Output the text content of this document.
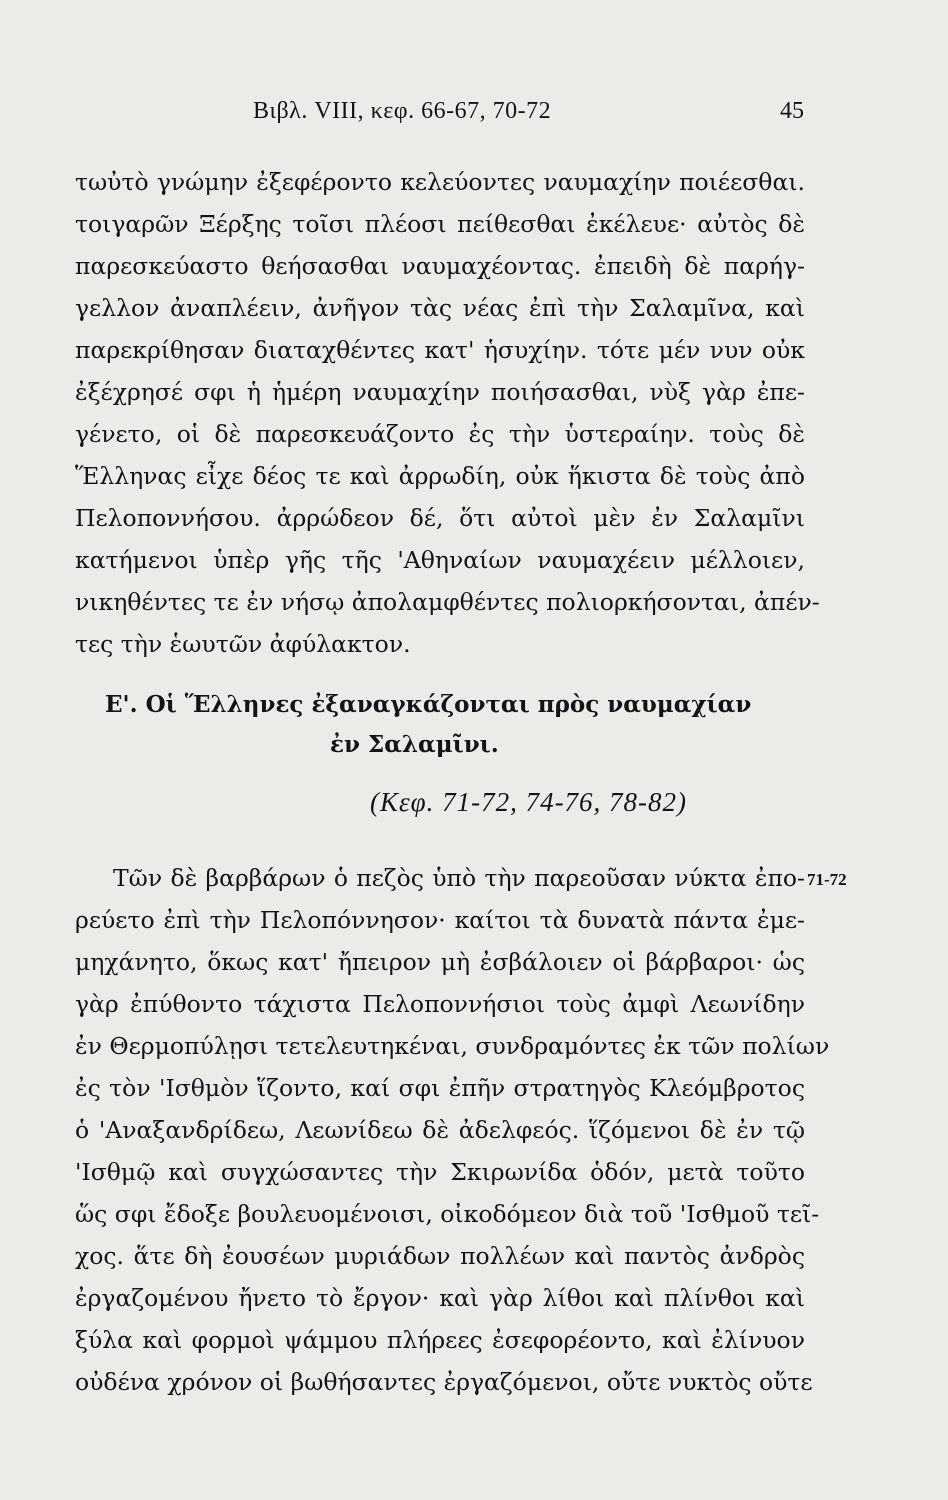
Βιβλ. VIII, κεφ. 66-67, 70-72	45
τωὐτὸ γνώμην ἐξεφέροντο κελεύοντες ναυμαχίην ποιέεσθαι.
τοιγαρῶν Ξέρξης τοῖσι πλέοσι πείθεσθαι ἐκέλευε· αὐτὸς δὲ
παρεσκεύαστο θεήσασθαι ναυμαχέοντας. ἐπειδὴ δὲ παρήγ-
γελλον ἀναπλέειν, ἀνῆγον τὰς νέας ἐπὶ τὴν Σαλαμῖνα, καὶ
παρεκρίθησαν διαταχθέντες κατ' ἡσυχίην. τότε μέν νυν οὐκ
ἐξέχρησέ σφι ἡ ἡμέρη ναυμαχίην ποιήσασθαι, νὺξ γὰρ ἐπε-
γένετο, οἱ δὲ παρεσκευάζοντο ἐς τὴν ὑστεραίην. τοὺς δὲ
Ἕλληνας εἶχε δέος τε καὶ ἀρρωδίη, οὐκ ἥκιστα δὲ τοὺς ἀπὸ
Πελοποννήσου. ἀρρώδεον δέ, ὅτι αὐτοὶ μὲν ἐν Σαλαμῖνι
κατήμενοι ὑπὲρ γῆς τῆς 'Αθηναίων ναυμαχέειν μέλλοιεν,
νικηθέντες τε ἐν νήσῳ ἀπολαμφθέντες πολιορκήσονται, ἀπέν-
τες τὴν ἑωυτῶν ἀφύλακτον.
Ε'. Οἱ Ἕλληνες ἐξαναγκάζονται πρὸς ναυμαχίαν
ἐν Σαλαμῖνι.
(Κεφ. 71-72, 74-76, 78-82)
71-72
Τῶν δὲ βαρβάρων ὁ πεζὸς ὑπὸ τὴν παρεοῦσαν νύκτα ἐπο-
ρεύετο ἐπὶ τὴν Πελοπόννησον· καίτοι τὰ δυνατὰ πάντα ἐμε-
μηχάνητο, ὅκως κατ' ἤπειρον μὴ ἐσβάλοιεν οἱ βάρβαροι· ὡς
γὰρ ἐπύθοντο τάχιστα Πελοποννήσιοι τοὺς ἀμφὶ Λεωνίδην
ἐν Θερμοπύλῃσι τετελευτηκέναι, συνδραμόντες ἐκ τῶν πολίων
ἐς τὸν 'Ισθμὸν ἵζοντο, καί σφι ἐπῆν στρατηγὸς Κλεόμβροτος
ὁ 'Αναξανδρίδεω, Λεωνίδεω δὲ ἀδελφεός. ἵζόμενοι δὲ ἐν τῷ
'Ισθμῷ καὶ συγχώσαντες τὴν Σκιρωνίδα ὁδόν, μετὰ τοῦτο
ὥς σφι ἔδοξε βουλευομένοισι, οἰκοδόμεον διὰ τοῦ 'Ισθμοῦ τεῖ-
χος. ἅτε δὴ ἐουσέων μυριάδων πολλέων καὶ παντὸς ἀνδρὸς
ἐργαζομένου ἤνετο τὸ ἔργον· καὶ γὰρ λίθοι καὶ πλίνθοι καὶ
ξύλα καὶ φορμοὶ ψάμμου πλήρεες ἐσεφορέοντο, καὶ ἐλίνυον
οὐδένα χρόνον οἱ βωθήσαντες ἐργαζόμενοι, οὔτε νυκτὸς οὔτε
